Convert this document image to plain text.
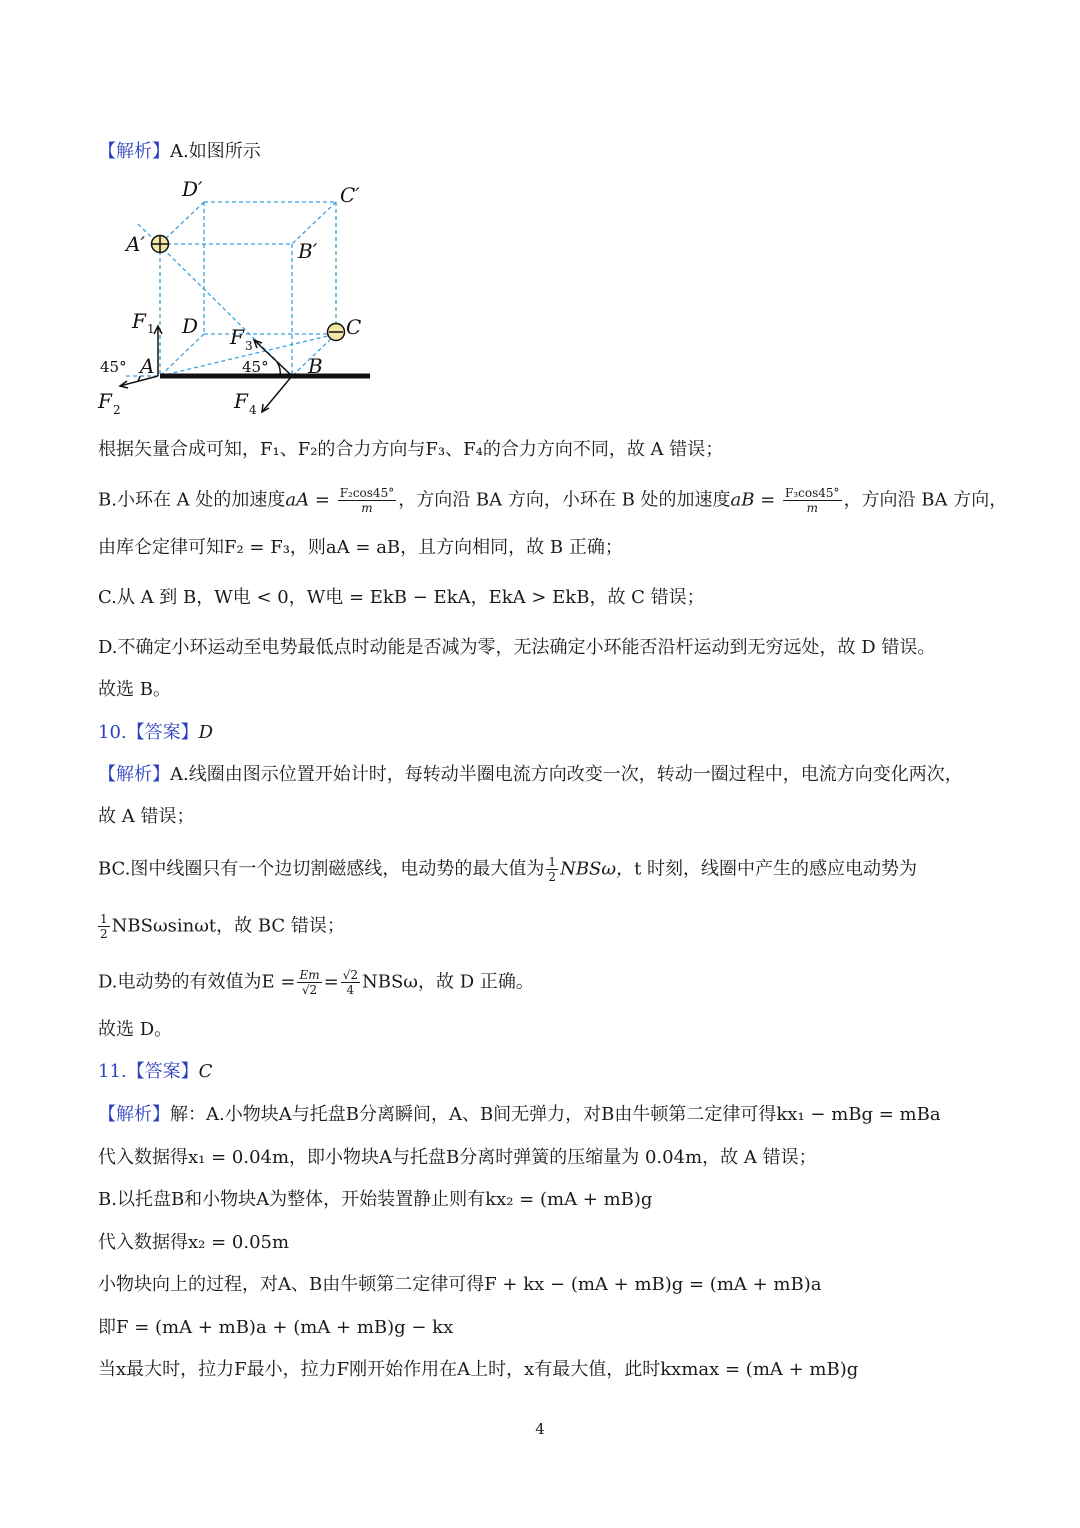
【解析】A.如图所示
D′	C′
A′	B′
D	C
A	B
F
F
F
F
1
2
3
4
45°	45°
根据矢量合成可知，F₁、F₂的合力方向与F₃、F₄的合力方向不同，故 A 错误；
B.小环在 A 处的加速度aA = $\frac{\text{F₂cos45°}}{m}$ ，方向沿 BA 方向，小环在 B 处的加速度aB = $\frac{\text{F₃cos45°}}{m}$ ，方向沿 BA 方向，
由库仑定律可知F₂ = F₃，则aA = aB，且方向相同，故 B 正确；
C.从 A 到 B，W电 < 0，W电 = EkB − EkA，EkA > EkB，故 C 错误；
D.不确定小环运动至电势最低点时动能是否减为零，无法确定小环能否沿杆运动到无穷远处，故 D 错误。
故选 B。
10.【答案】D
【解析】A.线圈由图示位置开始计时，每转动半圈电流方向改变一次，转动一圈过程中，电流方向变化两次，
故 A 错误；
BC.图中线圈只有一个边切割磁感线，电动势的最大值为 $\frac{1}{2}$ NBSω，t 时刻，线圈中产生的感应电动势为
$\frac{1}{2}$ NBSωsinωt，故 BC 错误；
D.电动势的有效值为$E = \frac{Em}{√2} = \frac{√2}{4}$ NBSω，故 D 正确。
故选 D。
11.【答案】C
【解析】解：A.小物块A与托盘B分离瞬间，A、B间无弹力，对B由牛顿第二定律可得kx₁ − mBg = mBa
代入数据得x₁ = 0.04m，即小物块A与托盘B分离时弹簧的压缩量为 0.04m，故 A 错误；
B.以托盘B和小物块A为整体，开始装置静止则有kx₂ = (mA + mB)g
代入数据得x₂ = 0.05m
小物块向上的过程，对A、B由牛顿第二定律可得F + kx − (mA + mB)g = (mA + mB)a
即F = (mA + mB)a + (mA + mB)g − kx
当x最大时，拉力F最小，拉力F刚开始作用在A上时，x有最大值，此时kxmax = (mA + mB)g
4
